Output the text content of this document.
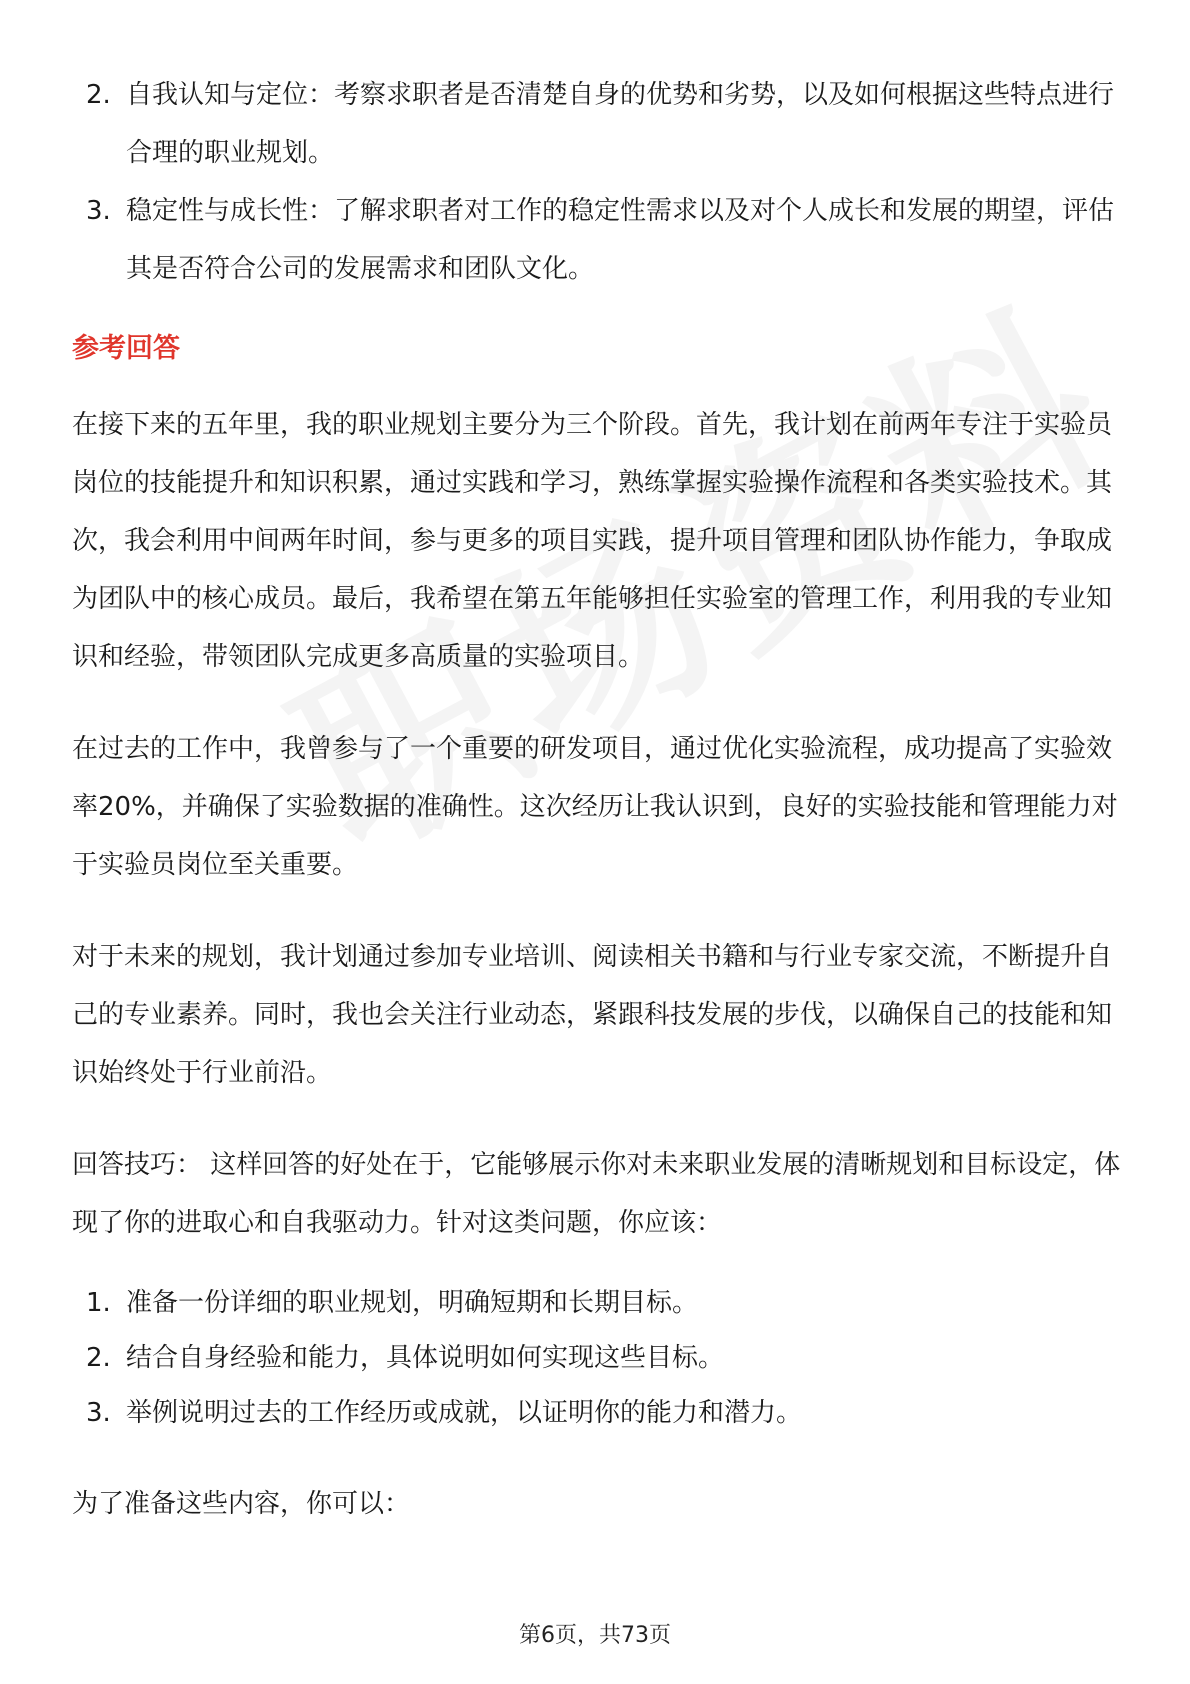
2. 自我认知与定位：考察求职者是否清楚自身的优势和劣势，以及如何根据这些特点进行合理的职业规划。
3. 稳定性与成长性：了解求职者对工作的稳定性需求以及对个人成长和发展的期望，评估其是否符合公司的发展需求和团队文化。
参考回答

在接下来的五年里，我的职业规划主要分为三个阶段。首先，我计划在前两年专注于实验员岗位的技能提升和知识积累，通过实践和学习，熟练掌握实验操作流程和各类实验技术。其次，我会利用中间两年时间，参与更多的项目实践，提升项目管理和团队协作能力，争取成为团队中的核心成员。最后，我希望在第五年能够担任实验室的管理工作，利用我的专业知识和经验，带领团队完成更多高质量的实验项目。

在过去的工作中，我曾参与了一个重要的研发项目，通过优化实验流程，成功提高了实验效率20%，并确保了实验数据的准确性。这次经历让我认识到，良好的实验技能和管理能力对于实验员岗位至关重要。

对于未来的规划，我计划通过参加专业培训、阅读相关书籍和与行业专家交流，不断提升自己的专业素养。同时，我也会关注行业动态，紧跟科技发展的步伐，以确保自己的技能和知识始终处于行业前沿。

回答技巧： 这样回答的好处在于，它能够展示你对未来职业发展的清晰规划和目标设定，体现了你的进取心和自我驱动力。针对这类问题，你应该：

1. 准备一份详细的职业规划，明确短期和长期目标。
2. 结合自身经验和能力，具体说明如何实现这些目标。
3. 举例说明过去的工作经历或成就，以证明你的能力和潜力。

为了准备这些内容，你可以：

第6页，共73页
